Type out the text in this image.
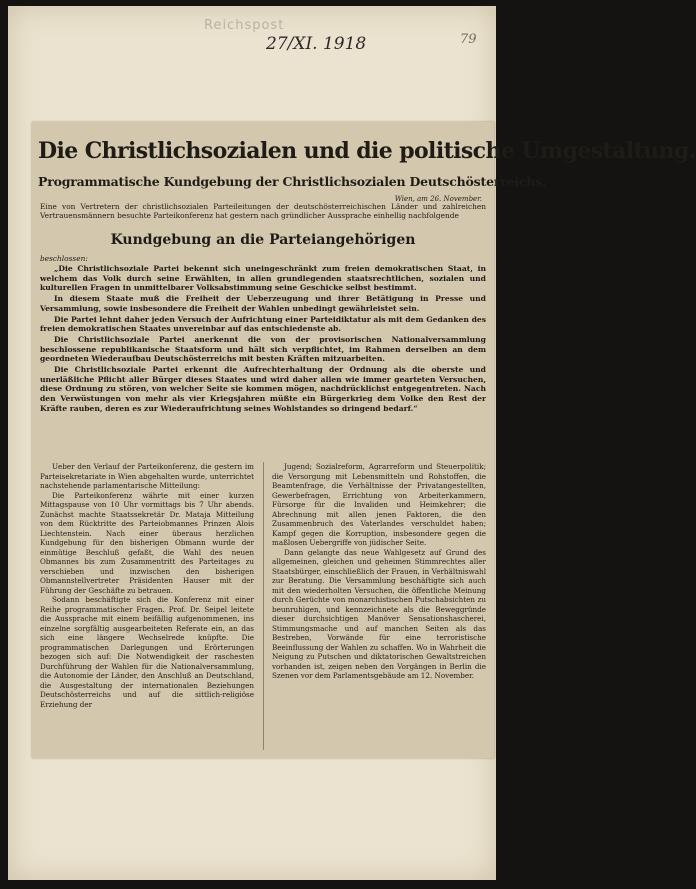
Reichspost
27/XI. 1918	79
Die Christlichsozialen und die politische Umgestaltung.
Programmatische Kundgebung der Christlichsozialen Deutschösterreichs.
Wien, am 26. November.
Eine von Vertretern der christlichsozialen Parteileitungen der deutschösterreichischen Länder und zahlreichen Vertrauensmännern besuchte Parteikonferenz hat gestern nach gründlicher Aussprache einhellig nachfolgende
Kundgebung an die Parteiangehörigen
beschlossen:

„Die Christlichsoziale Partei bekennt sich uneingeschränkt zum freien demokratischen Staat, in welchem das Volk durch seine Erwählten, in allen grundlegenden staatsrechtlichen, sozialen und kulturellen Fragen in unmittelbarer Volksabstimmung seine Geschicke selbst bestimmt.

In diesem Staate muß die Freiheit der Ueberzeugung und ihrer Betätigung in Presse und Versammlung, sowie insbesondere die Freiheit der Wahlen unbedingt gewährleistet sein.

Die Partei lehnt daher jeden Versuch der Aufrichtung einer Parteidiktatur als mit dem Gedanken des freien demokratischen Staates unvereinbar auf das entschiedenste ab.

Die Christlichsoziale Partei anerkennt die von der provisorischen Nationalversammlung beschlossene republikanische Staatsform und hält sich verpflichtet, im Rahmen derselben an dem geordneten Wiederaufbau Deutschösterreichs mit besten Kräften mitzuarbeiten.

Die Christlichsoziale Partei erkennt die Aufrechterhaltung der Ordnung als die oberste und unerläßliche Pflicht aller Bürger dieses Staates und wird daher allen wie immer gearteten Versuchen, diese Ordnung zu stören, von welcher Seite sie kommen mögen, nachdrücklichst entgegentreten. Nach den Verwüstungen von mehr als vier Kriegsjahren müßte ein Bürgerkrieg dem Volke den Rest der Kräfte rauben, deren es zur Wiederaufrichtung seines Wohlstandes so dringend bedarf.“

Ueber den Verlauf der Parteikonferenz, die gestern im Parteisekretariate in Wien abgehalten wurde, unterrichtet nachstehende parlamentarische Mitteilung:

Die Parteikonferenz währte mit einer kurzen Mittagspause von 10 Uhr vormittags bis 7 Uhr abends. Zunächst machte Staatssekretär Dr. Mataja Mitteilung von dem Rücktritte des Parteiobmannes Prinzen Alois Liechtenstein. Nach einer überaus herzlichen Kundgebung für den bisherigen Obmann wurde der einmütige Beschluß gefaßt, die Wahl des neuen Obmannes bis zum Zusammentritt des Parteitages zu verschieben und inzwischen den bisherigen Obmannstellvertreter Präsidenten Hauser mit der Führung der Geschäfte zu betrauen.

Sodann beschäftigte sich die Konferenz mit einer Reihe programmatischer Fragen. Prof. Dr. Seipel leitete die Aussprache mit einem beifällig aufgenommenen, ins einzelne sorgfältig ausgearbeiteten Referate ein, an das sich eine längere Wechselrede knüpfte. Die programmatischen Darlegungen und Erörterungen bezogen sich auf: Die Notwendigkeit der raschesten Durchführung der Wahlen für die Nationalversammlung, die Autonomie der Länder, den Anschluß an Deutschland, die Ausgestaltung der internationalen Beziehungen Deutschösterreichs und auf die sittlich-religiöse Erziehung der

Jugend; Sozialreform, Agrarreform und Steuerpolitik; die Versorgung mit Lebensmitteln und Rohstoffen, die Beamtenfrage, die Verhältnisse der Privatangestellten, Gewerbefragen, Errichtung von Arbeiterkammern, Fürsorge für die Invaliden und Heimkehrer; die Abrechnung mit allen jenen Faktoren, die den Zusammenbruch des Vaterlandes verschuldet haben; Kampf gegen die Korruption, insbesondere gegen die maßlosen Uebergriffe von jüdischer Seite.

Dann gelangte das neue Wahlgesetz auf Grund des allgemeinen, gleichen und geheimen Stimmrechtes aller Staatsbürger, einschließlich der Frauen, in Verhältniswahl zur Beratung. Die Versammlung beschäftigte sich auch mit den wiederholten Versuchen, die öffentliche Meinung durch Gerüchte von monarchistischen Putschabsichten zu beunruhigen, und kennzeichnete als die Beweggründe dieser durchsichtigen Manöver Sensationshascherei, Stimmungsmache und auf manchen Seiten als das Bestreben, Vorwände für eine terroristische Beeinflussung der Wahlen zu schaffen. Wo in Wahrheit die Neigung zu Putschen und diktatorischen Gewaltstreichen vorhanden ist, zeigen neben den Vorgängen in Berlin die Szenen vor dem Parlamentsgebäude am 12. November.
